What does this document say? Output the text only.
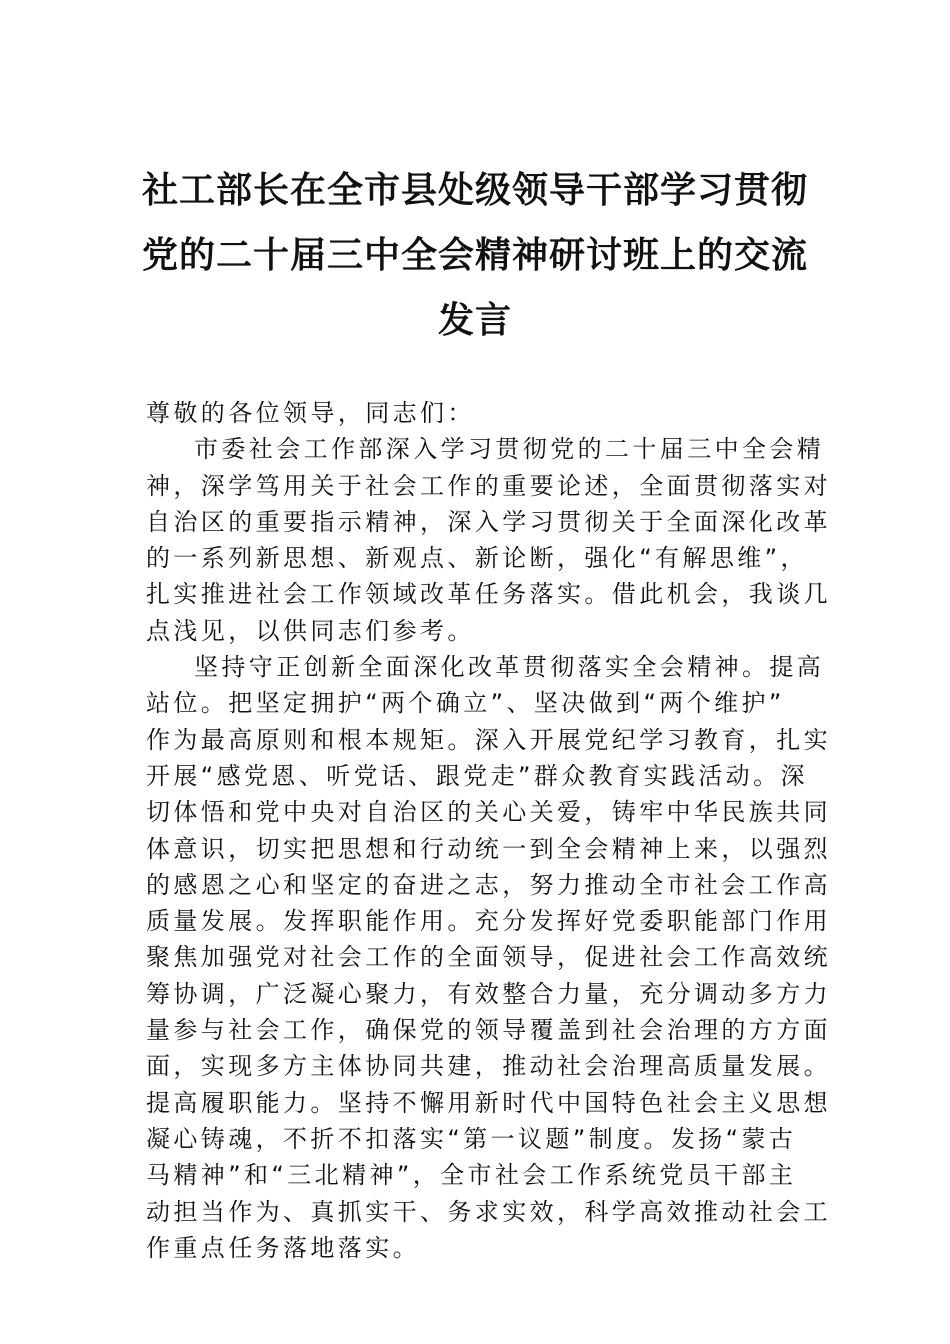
社工部长在全市县处级领导干部学习贯彻
党的二十届三中全会精神研讨班上的交流
发言

尊敬的各位领导，同志们：

市委社会工作部深入学习贯彻党的二十届三中全会精
神，深学笃用关于社会工作的重要论述，全面贯彻落实对
自治区的重要指示精神，深入学习贯彻关于全面深化改革
的一系列新思想、新观点、新论断，强化“有解思维”，
扎实推进社会工作领域改革任务落实。借此机会，我谈几
点浅见，以供同志们参考。

坚持守正创新全面深化改革贯彻落实全会精神。提高
站位。把坚定拥护“两个确立”、坚决做到“两个维护”
作为最高原则和根本规矩。深入开展党纪学习教育，扎实
开展“感党恩、听党话、跟党走”群众教育实践活动。深
切体悟和党中央对自治区的关心关爱，铸牢中华民族共同
体意识，切实把思想和行动统一到全会精神上来，以强烈
的感恩之心和坚定的奋进之志，努力推动全市社会工作高
质量发展。发挥职能作用。充分发挥好党委职能部门作用
聚焦加强党对社会工作的全面领导，促进社会工作高效统
筹协调，广泛凝心聚力，有效整合力量，充分调动多方力
量参与社会工作，确保党的领导覆盖到社会治理的方方面
面，实现多方主体协同共建，推动社会治理高质量发展。
提高履职能力。坚持不懈用新时代中国特色社会主义思想
凝心铸魂，不折不扣落实“第一议题”制度。发扬“蒙古
马精神”和“三北精神”，全市社会工作系统党员干部主
动担当作为、真抓实干、务求实效，科学高效推动社会工
作重点任务落地落实。
